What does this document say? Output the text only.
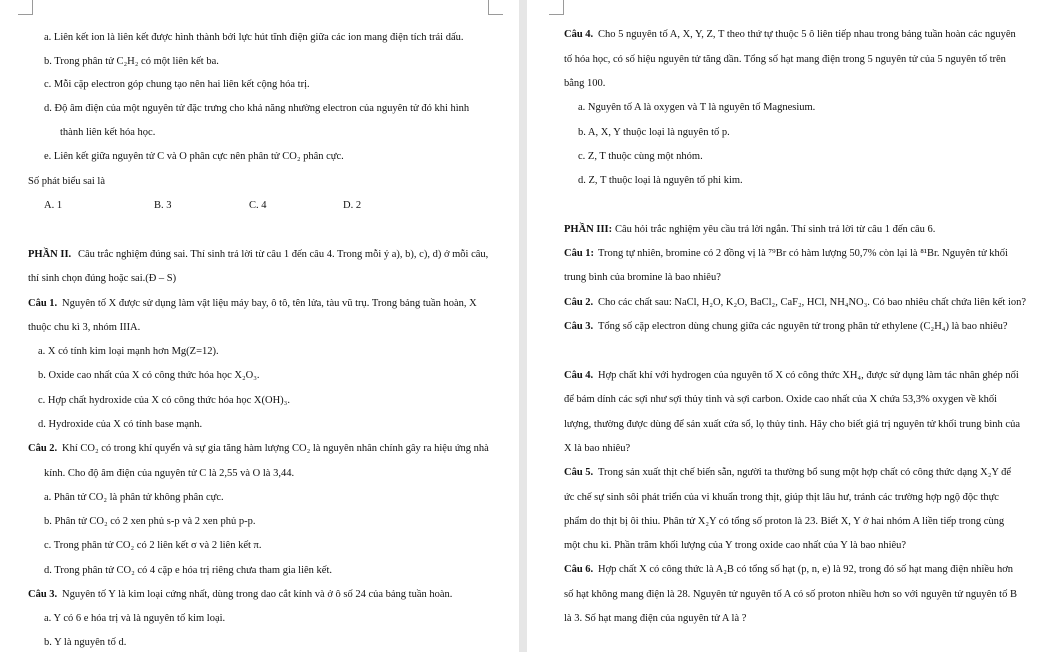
a. Liên kết ion là liên kết được hình thành bởi lực hút tĩnh điện giữa các ion mang điện tích trái dấu.
b. Trong phân tử C₂H₂ có một liên kết ba.
c. Mỗi cặp electron góp chung tạo nên hai liên kết cộng hóa trị.
d. Độ âm điện của một nguyên tử đặc trưng cho khả năng nhường electron của nguyên tử đó khi hình
thành liên kết hóa học.
e. Liên kết giữa nguyên tử C và O phân cực nên phân tử CO₂ phân cực.
Số phát biểu sai là
A. 1	B. 3	C. 4	D. 2
PHẦN II. Câu trắc nghiệm đúng sai. Thí sinh trả lời từ câu 1 đến câu 4. Trong mỗi ý a), b), c), d) ở mỗi câu,
thí sinh chọn đúng hoặc sai.(Đ – S)
Câu 1. Nguyên tố X được sử dụng làm vật liệu máy bay, ô tô, tên lửa, tàu vũ trụ. Trong bảng tuần hoàn, X
thuộc chu kì 3, nhóm IIIA.
a. X có tính kim loại mạnh hơn Mg(Z=12).
b. Oxide cao nhất của X có công thức hóa học X₂O₃.
c. Hợp chất hydroxide của X có công thức hóa học X(OH)₃.
d. Hydroxide của X có tính base mạnh.
Câu 2. Khí CO₂ có trong khí quyển và sự gia tăng hàm lượng CO₂ là nguyên nhân chính gây ra hiệu ứng nhà
kính. Cho độ âm điện của nguyên tử C là 2,55 và O là 3,44.
a. Phân tử CO₂ là phân tử không phân cực.
b. Phân tử CO₂ có 2 xen phủ s-p và 2 xen phủ p-p.
c. Trong phân tử CO₂ có 2 liên kết σ và 2 liên kết π.
d. Trong phân tử CO₂ có 4 cặp e hóa trị riêng chưa tham gia liên kết.
Câu 3. Nguyên tố Y là kim loại cứng nhất, dùng trong dao cắt kính và ở ô số 24 của bảng tuần hoàn.
a. Y có 6 e hóa trị và là nguyên tố kim loại.
b. Y là nguyên tố d.
Câu 4. Cho 5 nguyên tố A, X, Y, Z, T theo thứ tự thuộc 5 ô liên tiếp nhau trong bảng tuần hoàn các nguyên
tố hóa học, có số hiệu nguyên tử tăng dần. Tổng số hạt mang điện trong 5 nguyên tử của 5 nguyên tố trên
bằng 100.
a. Nguyên tố A là oxygen và T là nguyên tố Magnesium.
b. A, X, Y thuộc loại là nguyên tố p.
c. Z, T thuộc cùng một nhóm.
d. Z, T thuộc loại là nguyên tố phi kim.
PHẦN III: Câu hỏi trắc nghiệm yêu cầu trả lời ngắn. Thí sinh trả lời từ câu 1 đến câu 6.
Câu 1: Trong tự nhiên, bromine có 2 đồng vị là ⁷⁹Br có hàm lượng 50,7% còn lại là ⁸¹Br. Nguyên tử khối
trung bình của bromine là bao nhiêu?
Câu 2. Cho các chất sau: NaCl, H₂O, K₂O, BaCl₂, CaF₂, HCl, NH₄NO₃. Có bao nhiêu chất chứa liên kết ion?
Câu 3. Tổng số cặp electron dùng chung giữa các nguyên tử trong phân tử ethylene (C₂H₄) là bao nhiêu?
Câu 4. Hợp chất khí với hydrogen của nguyên tố X có công thức XH₄, được sử dụng làm tác nhân ghép nối
để bám dính các sợi như sợi thủy tinh và sợi carbon. Oxide cao nhất của X chứa 53,3% oxygen về khối
lượng, thường được dùng để sản xuất cửa sổ, lọ thủy tinh. Hãy cho biết giá trị nguyên tử khối trung bình của
X là bao nhiêu?
Câu 5. Trong sản xuất thịt chế biến sẵn, người ta thường bổ sung một hợp chất có công thức dạng X₂Y để
ức chế sự sinh sôi phát triển của vi khuẩn trong thịt, giúp thịt lâu hư, tránh các trường hợp ngộ độc thực
phẩm do thịt bị ôi thiu. Phân tử X₂Y có tổng số proton là 23. Biết X, Y ở hai nhóm A liền tiếp trong cùng
một chu kì. Phần trăm khối lượng của Y trong oxide cao nhất của Y là bao nhiêu?
Câu 6. Hợp chất X có công thức là A₂B có tổng số hạt (p, n, e) là 92, trong đó số hạt mang điện nhiều hơn
số hạt không mang điện là 28. Nguyên tử nguyên tố A có số proton nhiều hơn so với nguyên tử nguyên tố B
là 3. Số hạt mang điện của nguyên tử A là ?
